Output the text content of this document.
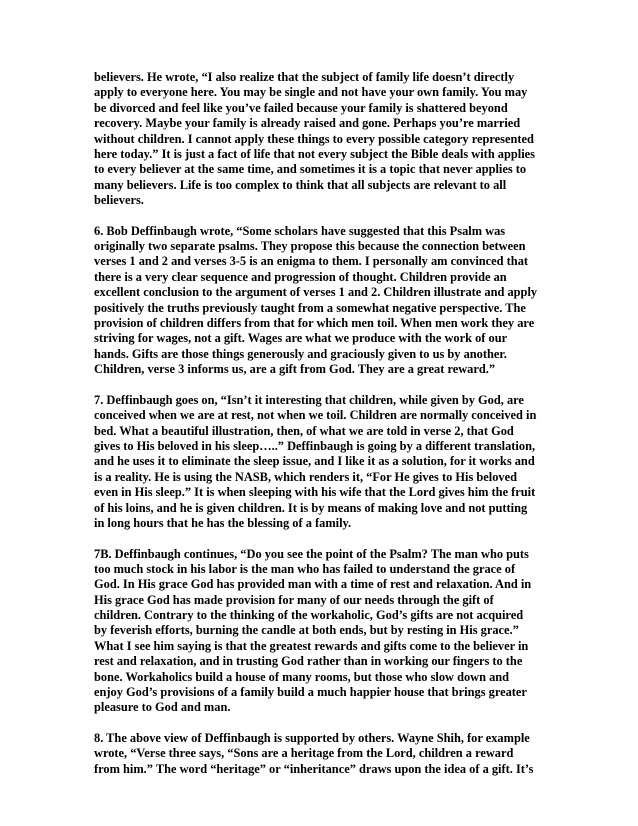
believers. He wrote, “I also realize that the subject of family life doesn’t directly
apply to everyone here. You may be single and not have your own family. You may
be divorced and feel like you’ve failed because your family is shattered beyond
recovery. Maybe your family is already raised and gone. Perhaps you’re married
without children. I cannot apply these things to every possible category represented
here today.” It is just a fact of life that not every subject the Bible deals with applies
to every believer at the same time, and sometimes it is a topic that never applies to
many believers. Life is too complex to think that all subjects are relevant to all
believers.

6. Bob Deffinbaugh wrote, “Some scholars have suggested that this Psalm was
originally two separate psalms. They propose this because the connection between
verses 1 and 2 and verses 3-5 is an enigma to them. I personally am convinced that
there is a very clear sequence and progression of thought. Children provide an
excellent conclusion to the argument of verses 1 and 2. Children illustrate and apply
positively the truths previously taught from a somewhat negative perspective. The
provision of children differs from that for which men toil. When men work they are
striving for wages, not a gift. Wages are what we produce with the work of our
hands. Gifts are those things generously and graciously given to us by another.
Children, verse 3 informs us, are a gift from God. They are a great reward.”

7. Deffinbaugh goes on, “Isn’t it interesting that children, while given by God, are
conceived when we are at rest, not when we toil. Children are normally conceived in
bed. What a beautiful illustration, then, of what we are told in verse 2, that God
gives to His beloved in his sleep…..” Deffinbaugh is going by a different translation,
and he uses it to eliminate the sleep issue, and I like it as a solution, for it works and
is a reality. He is using the NASB, which renders it, “For He gives to His beloved
even in His sleep.” It is when sleeping with his wife that the Lord gives him the fruit
of his loins, and he is given children. It is by means of making love and not putting
in long hours that he has the blessing of a family.

7B. Deffinbaugh continues, “Do you see the point of the Psalm? The man who puts
too much stock in his labor is the man who has failed to understand the grace of
God. In His grace God has provided man with a time of rest and relaxation. And in
His grace God has made provision for many of our needs through the gift of
children. Contrary to the thinking of the workaholic, God’s gifts are not acquired
by feverish efforts, burning the candle at both ends, but by resting in His grace.”
What I see him saying is that the greatest rewards and gifts come to the believer in
rest and relaxation, and in trusting God rather than in working our fingers to the
bone. Workaholics build a house of many rooms, but those who slow down and
enjoy God’s provisions of a family build a much happier house that brings greater
pleasure to God and man.

8. The above view of Deffinbaugh is supported by others. Wayne Shih, for example
wrote, “Verse three says, “Sons are a heritage from the Lord, children a reward
from him.” The word “heritage” or “inheritance” draws upon the idea of a gift. It’s
